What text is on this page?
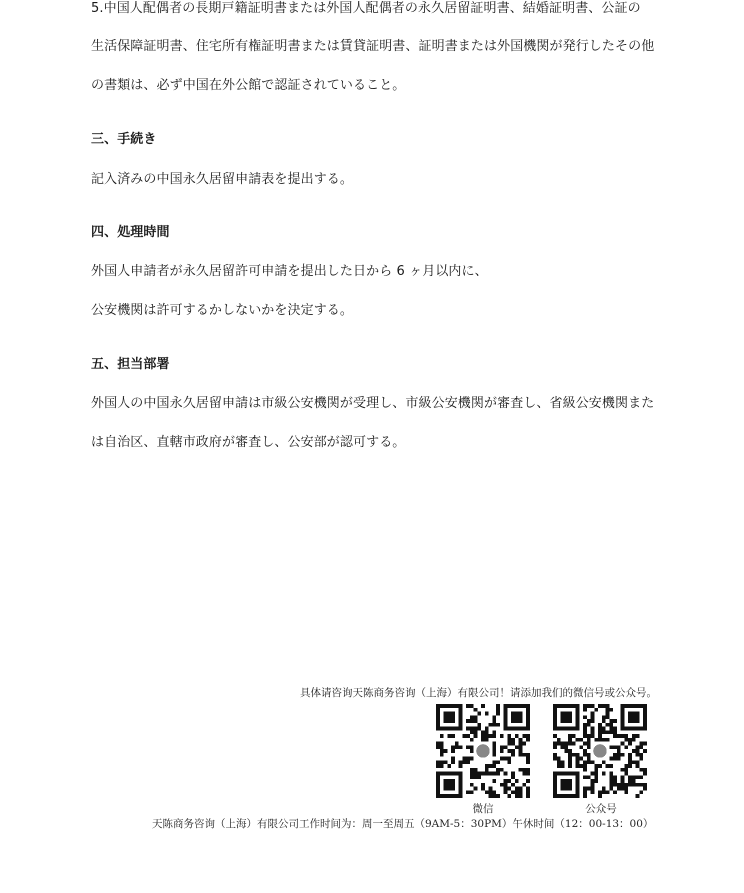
5.中国人配偶者の長期戸籍証明書または外国人配偶者の永久居留証明書、結婚証明書、公証の
生活保障証明書、住宅所有権証明書または賃貸証明書、証明書または外国機関が発行したその他
の書類は、必ず中国在外公館で認証されていること。
三、手続き
記入済みの中国永久居留申請表を提出する。
四、処理時間
外国人申請者が永久居留許可申請を提出した日から 6 ヶ月以内に、
公安機関は許可するかしないかを決定する。
五、担当部署
外国人の中国永久居留申請は市級公安機関が受理し、市級公安機関が審査し、省級公安機関また
は自治区、直轄市政府が審査し、公安部が認可する。
具体请咨询天陈商务咨询（上海）有限公司！请添加我们的微信号或公众号。
微信	公众号
天陈商务咨询（上海）有限公司工作时间为：周一至周五（9AM-5：30PM）午休时间（12：00-13：00）
